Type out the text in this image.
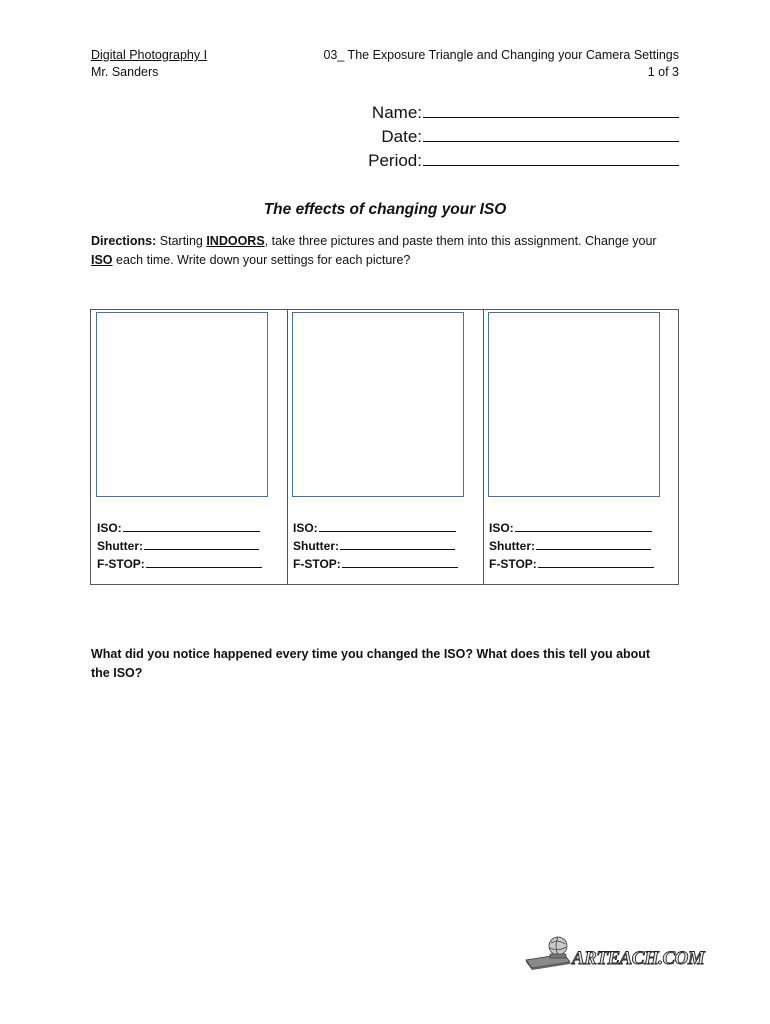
Digital Photography I
Mr. Sanders
03_ The Exposure Triangle and Changing your Camera Settings
1 of 3
Name:
Date:
Period:
The effects of changing your ISO
Directions: Starting INDOORS, take three pictures and paste them into this assignment. Change your
ISO each time. Write down your settings for each picture?
ISO:
Shutter:
F-STOP:
ISO:
Shutter:
F-STOP:
ISO:
Shutter:
F-STOP:
What did you notice happened every time you changed the ISO? What does this tell you about the ISO?
ARTEACH.COM
